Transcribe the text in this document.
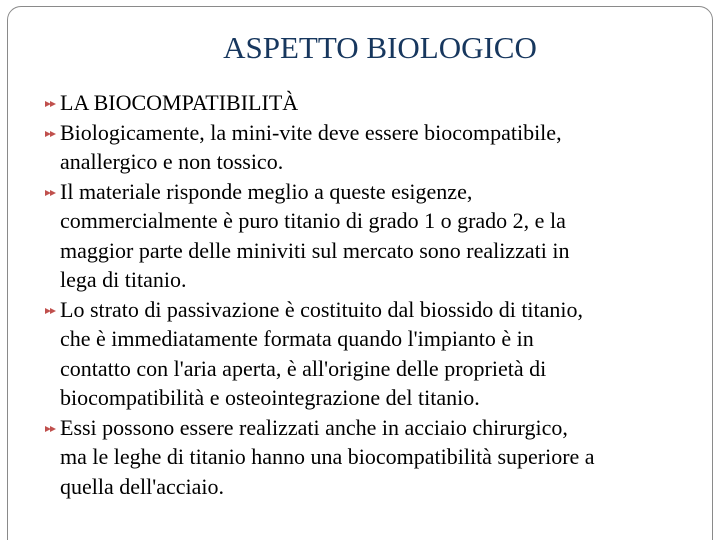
ASPETTO BIOLOGICO
LA BIOCOMPATIBILITÀ
Biologicamente, la mini-vite deve essere biocompatibile,
anallergico e non tossico.
Il materiale risponde meglio a queste esigenze,
commercialmente è puro titanio di grado 1 o grado 2, e la
maggior parte delle miniviti sul mercato sono realizzati in
lega di titanio.
Lo strato di passivazione è costituito dal biossido di titanio,
che è immediatamente formata quando l'impianto è in
contatto con l'aria aperta, è all'origine delle proprietà di
biocompatibilità e osteointegrazione del titanio.
Essi possono essere realizzati anche in acciaio chirurgico,
ma le leghe di titanio hanno una biocompatibilità superiore a
quella dell'acciaio.
